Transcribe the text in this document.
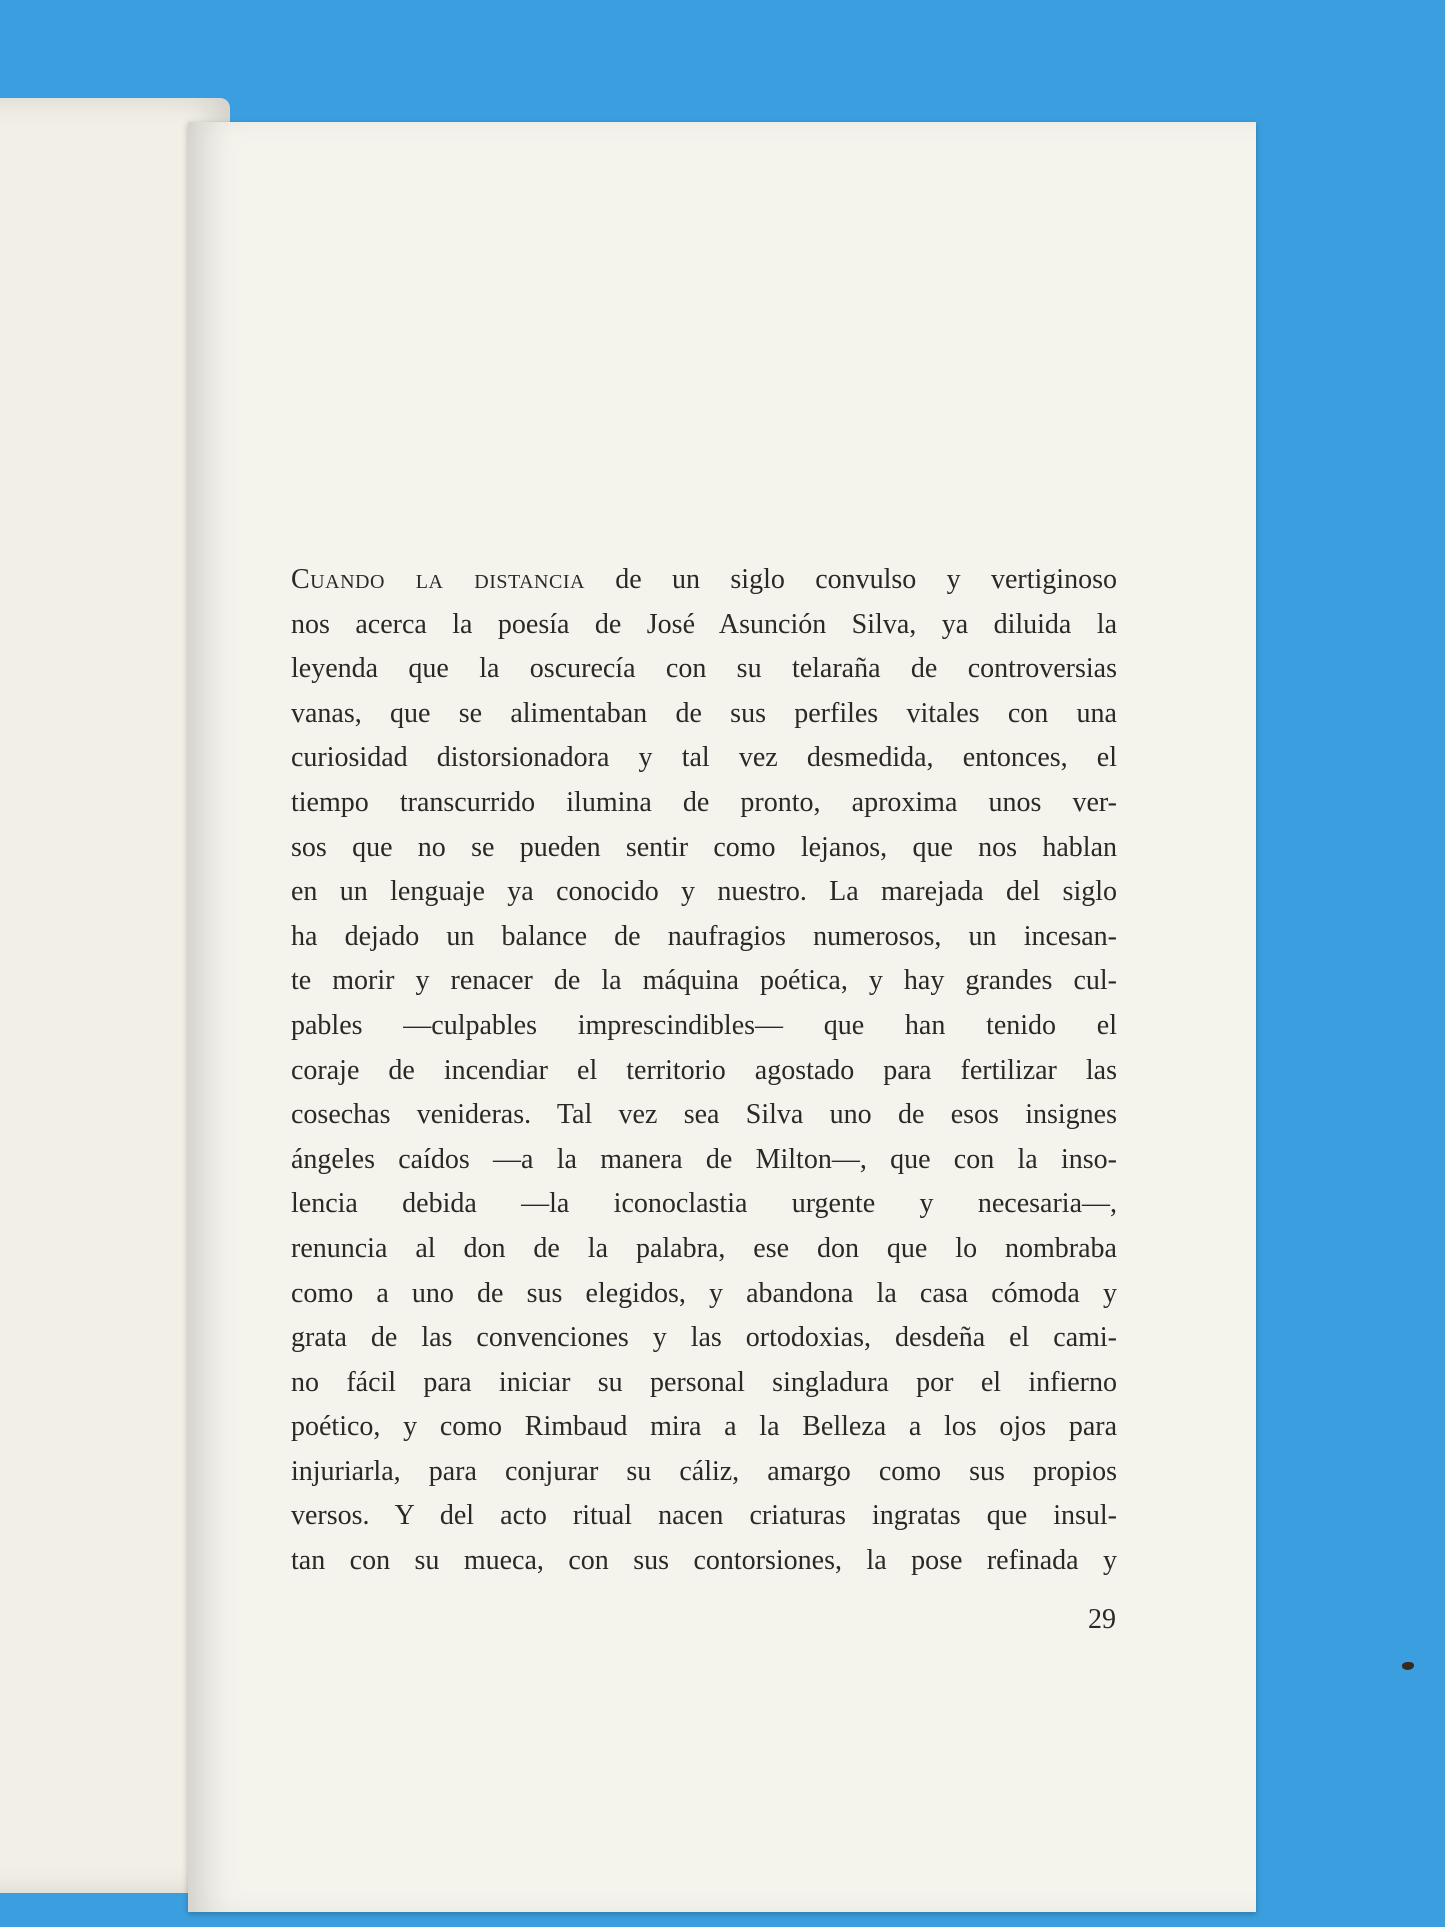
Cuando la distancia de un siglo convulso y vertiginoso
nos acerca la poesía de José Asunción Silva, ya diluida la
leyenda que la oscurecía con su telaraña de controversias
vanas, que se alimentaban de sus perfiles vitales con una
curiosidad distorsionadora y tal vez desmedida, entonces, el
tiempo transcurrido ilumina de pronto, aproxima unos ver-
sos que no se pueden sentir como lejanos, que nos hablan
en un lenguaje ya conocido y nuestro. La marejada del siglo
ha dejado un balance de naufragios numerosos, un incesan-
te morir y renacer de la máquina poética, y hay grandes cul-
pables —culpables imprescindibles— que han tenido el
coraje de incendiar el territorio agostado para fertilizar las
cosechas venideras. Tal vez sea Silva uno de esos insignes
ángeles caídos —a la manera de Milton—, que con la inso-
lencia debida —la iconoclastia urgente y necesaria—,
renuncia al don de la palabra, ese don que lo nombraba
como a uno de sus elegidos, y abandona la casa cómoda y
grata de las convenciones y las ortodoxias, desdeña el cami-
no fácil para iniciar su personal singladura por el infierno
poético, y como Rimbaud mira a la Belleza a los ojos para
injuriarla, para conjurar su cáliz, amargo como sus propios
versos. Y del acto ritual nacen criaturas ingratas que insul-
tan con su mueca, con sus contorsiones, la pose refinada y
29
